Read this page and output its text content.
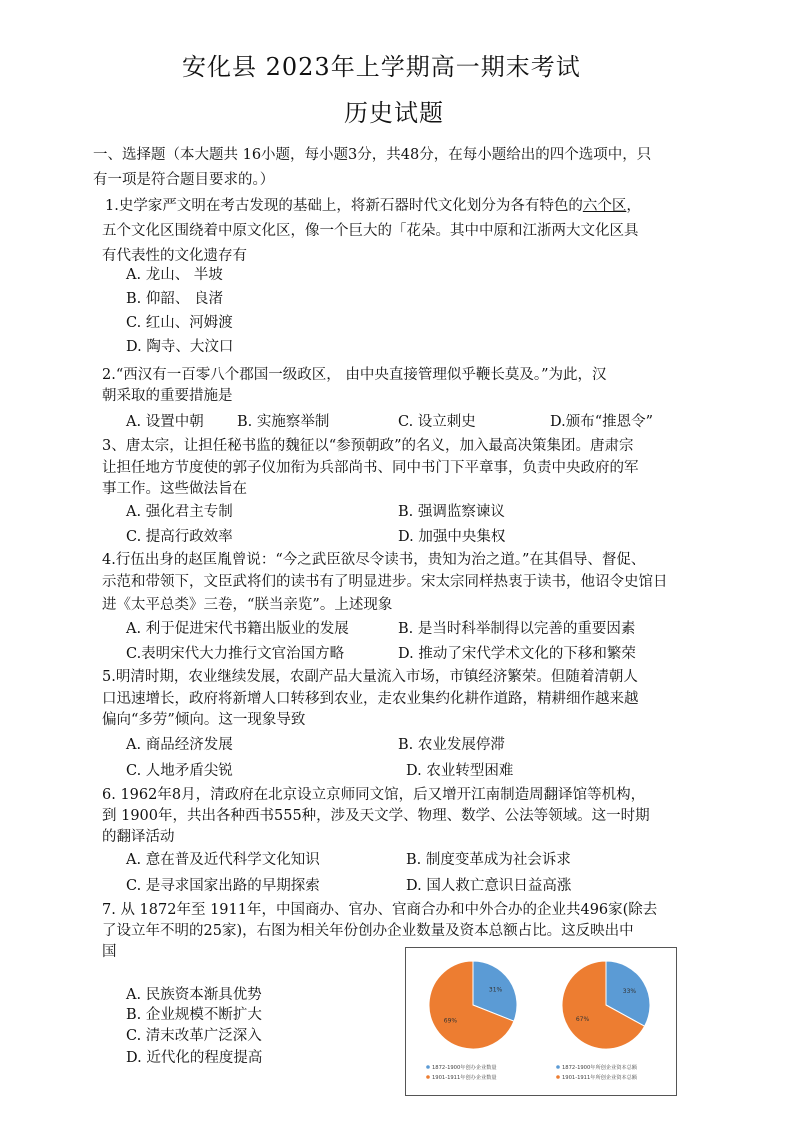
安化县 2023年上学期高一期末考试
历史试题
一、选择题（本大题共 16小题，每小题3分，共48分，在每小题给出的四个选项中，只
有一项是符合题目要求的。）
1.史学家严文明在考古发现的基础上，将新石器时代文化划分为各有特色的六个区，
五个文化区围绕着中原文化区，像一个巨大的「花朵。其中中原和江浙两大文化区具
有代表性的文化遗存有
A. 龙山、 半坡
B. 仰韶、 良渚
C. 红山、河姆渡
D. 陶寺、大汶口
2.“西汉有一百零八个郡国一级政区， 由中央直接管理似乎鞭长莫及。”为此，汉
朝采取的重要措施是
A. 设置中朝 B. 实施察举制	C. 设立刺史	D.颁布“推恩令”
3、唐太宗，让担任秘书监的魏征以“参预朝政”的名义，加入最高决策集团。唐肃宗
让担任地方节度使的郭子仪加衔为兵部尚书、同中书门下平章事，负责中央政府的军
事工作。这些做法旨在
A. 强化君主专制	B. 强调监察谏议
C. 提高行政效率	D. 加强中央集权
4.行伍出身的赵匡胤曾说：“今之武臣欲尽令读书，贵知为治之道。”在其倡导、督促、
示范和带领下，文臣武将们的读书有了明显进步。宋太宗同样热衷于读书，他诏令史馆日
进《太平总类》三卷，“朕当亲览”。上述现象
A. 利于促进宋代书籍出版业的发展	B. 是当时科举制得以完善的重要因素
C.表明宋代大力推行文官治国方略	D. 推动了宋代学术文化的下移和繁荣
5.明清时期，农业继续发展，农副产品大量流入市场，市镇经济繁荣。但随着清朝人
口迅速增长，政府将新增人口转移到农业，走农业集约化耕作道路，精耕细作越来越
偏向“多劳”倾向。这一现象导致
A. 商品经济发展	B. 农业发展停滞
C. 人地矛盾尖锐	D. 农业转型困难
6. 1962年8月，清政府在北京设立京师同文馆，后又增开江南制造周翻译馆等机构，
到 1900年，共出各种西书555种，涉及天文学、物理、数学、公法等领域。这一时期
的翻译活动
A. 意在普及近代科学文化知识	B. 制度变革成为社会诉求
C. 是寻求国家出路的早期探索	D. 国人救亡意识日益高涨
7. 从 1872年至 1911年，中国商办、官办、官商合办和中外合办的企业共496家(除去
了设立年不明的25家)，右图为相关年份创办企业数量及资本总额占比。这反映出中
国
A. 民族资本渐具优势
B. 企业规模不断扩大
C. 清末改革广泛深入
D. 近代化的程度提高
31%
69%
1872-1900年创办企业数量
1901-1911年创办企业数量
33%
67%
1872-1900年所创企业资本总额
1901-1911年所创企业资本总额
